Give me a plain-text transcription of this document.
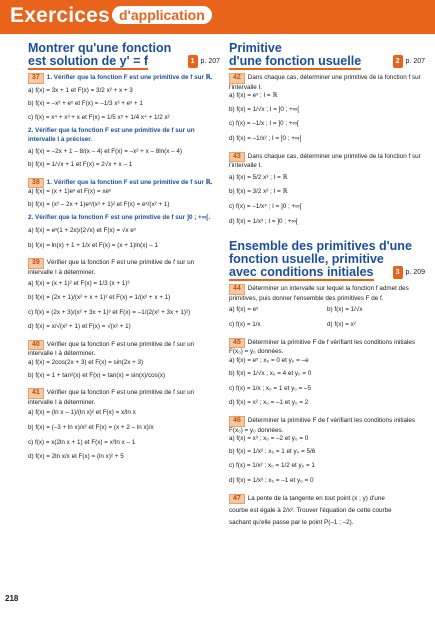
Exercices d'application
Montrer qu'une fonction
est solution de y' = f	1 p. 207
37 1. Vérifier que la fonction F est une primitive de f sur ℝ.
a) f(x) = 3x + 1 et F(x) = 3/2 x² + x + 3
b) f(x) = –x² + eˣ et F(x) = –1/3 x³ + eˣ + 1
c) f(x) = x⁴ + x³ + x et F(x) = 1/5 x⁵ + 1/4 x⁴ + 1/2 x²
2. Vérifier que la fonction F est une primitive de f sur un intervalle I à préciser.
a) f(x) = –2x + 1 – 8/(x – 4) et F(x) = –x² + x – 8ln(x – 4)
b) f(x) = 1/√x + 1 et F(x) = 2√x + x – 1
38 1. Vérifier que la fonction F est une primitive de f sur ℝ.
a) f(x) = (x + 1)eˣ et F(x) = xeˣ
b) f(x) = (x² – 2x + 1)eˣ/(x² + 1)² et F(x) = eˣ/(x² + 1)
2. Vérifier que la fonction F est une primitive de f sur ]0 ; +∞[.
a) f(x) = eˣ(1 + 2x)/(2√x) et F(x) = √x eˣ
b) f(x) = ln(x) + 1 + 1/x et F(x) = (x + 1)ln(x) – 1
39 Vérifier que la fonction F est une primitive de f sur un intervalle I à déterminer.
a) f(x) = (x + 1)² et F(x) = 1/3 (x + 1)³
b) f(x) = (2x + 1)/(x² + x + 1)² et F(x) = 1/(x² + x + 1)
c) f(x) = (2x + 3)/(x² + 3x + 1)³ et F(x) = –1/(2(x² + 3x + 1)²)
d) f(x) = x/√(x² + 1) et F(x) = √(x² + 1)
40 Vérifier que la fonction F est une primitive de f sur un intervalle I à déterminer.
a) f(x) = 2cos(2x + 3) et F(x) = sin(2x + 3)
b) f(x) = 1 + tan²(x) et F(x) = tan(x) = sin(x)/cos(x)
41 Vérifier que la fonction F est une primitive de f sur un intervalle I à déterminer.
a) f(x) = (ln x – 1)/(ln x)² et F(x) = x/ln x
b) f(x) = (–3 + ln x)/x² et F(x) = (x + 2 – ln x)/x
c) f(x) = x(2ln x + 1) et F(x) = x²ln x – 1
d) f(x) = 2ln x/x et F(x) = (ln x)² + 5
Primitive
d'une fonction usuelle	2 p. 207
42 Dans chaque cas, déterminer une primitive de la fonction f sur l'intervalle I.
a) f(x) = eˣ ; I = ℝ
b) f(x) = 1/√x ; I = ]0 ; +∞[
c) f(x) = –1/x ; I = ]0 ; +∞[
d) f(x) = –1/x² ; I = ]0 ; +∞[
43 Dans chaque cas, déterminer une primitive de la fonction f sur l'intervalle I.
a) f(x) = 5/2 x³ ; I = ℝ
b) f(x) = 3/2 x² ; I = ℝ
c) f(x) = –1/x⁴ ; I = ]0 ; +∞[
d) f(x) = 1/x³ ; I = ]0 ; +∞[
Ensemble des primitives d'une
fonction usuelle, primitive
avec conditions initiales	3 p. 209
44 Déterminer un intervalle sur lequel la fonction f admet des primitives, puis donner l'ensemble des primitives F de f.
a) f(x) = eˣ	b) f(x) = 1/√x
c) f(x) = 1/x	d) f(x) = x²
45 Déterminer la primitive F de f vérifiant les conditions initiales F(x₀) = y₀ données.
a) f(x) = eˣ ; x₀ = 0 et y₀ = –e
b) f(x) = 1/√x ; x₀ = 4 et y₀ = 0
c) f(x) = 1/x ; x₀ = 1 et y₀ = –5
d) f(x) = x² ; x₀ = –1 et y₀ = 2
46 Déterminer la primitive F de f vérifiant les conditions initiales F(x₀) = y₀ données.
a) f(x) = x³ ; x₀ = –2 et y₀ = 0
b) f(x) = 1/x² ; x₀ = 1 et y₀ = 5/6
c) f(x) = 1/x² ; x₀ = 1/2 et y₀ = 1
d) f(x) = 1/x³ ; x₀ = –1 et y₀ = 0
47 La pente de la tangente en tout point (x ; y) d'une
courbe est égale à 2/x². Trouver l'équation de cette courbe
sachant qu'elle passe par le point P(–1 ; –2).
218
